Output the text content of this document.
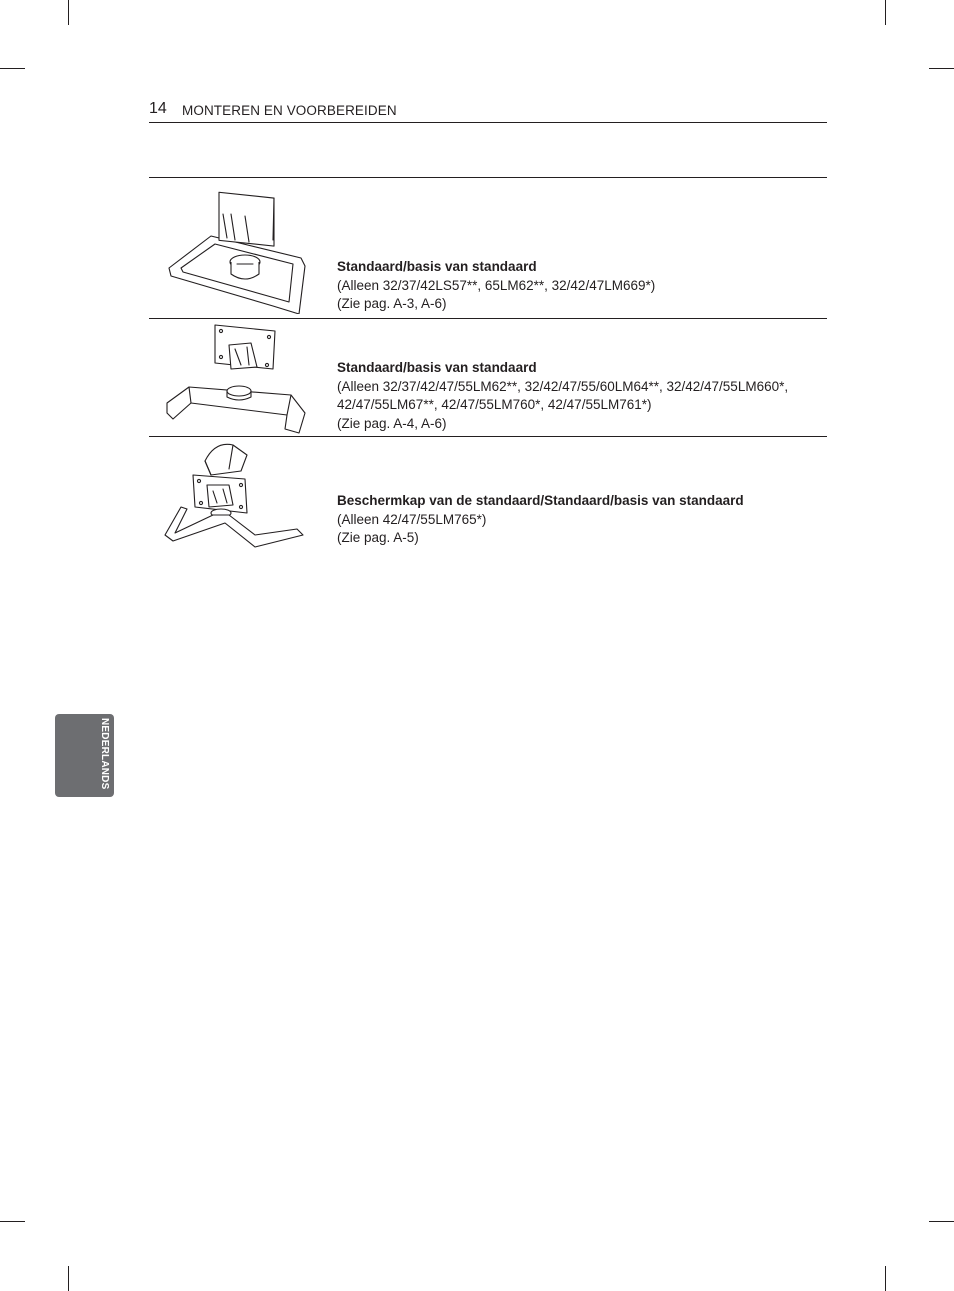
14 MONTEREN EN VOORBEREIDEN
Standaard/basis van standaard
(Alleen 32/37/42LS57**, 65LM62**, 32/42/47LM669*)
(Zie pag. A-3, A-6)
Standaard/basis van standaard
(Alleen 32/37/42/47/55LM62**, 32/42/47/55/60LM64**, 32/42/47/55LM660*,
42/47/55LM67**, 42/47/55LM760*, 42/47/55LM761*)
(Zie pag. A-4, A-6)
Beschermkap van de standaard/Standaard/basis van standaard
(Alleen 42/47/55LM765*)
(Zie pag. A-5)
NEDERLANDS
